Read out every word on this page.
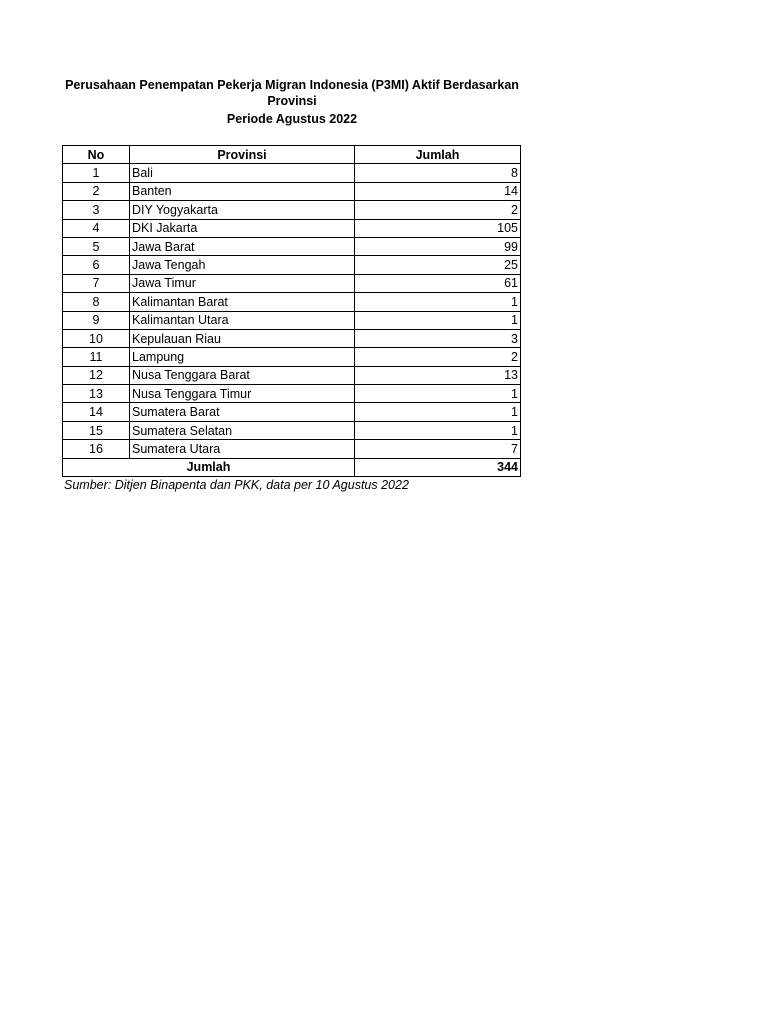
Perusahaan Penempatan Pekerja Migran Indonesia (P3MI) Aktif Berdasarkan
Provinsi
Periode Agustus 2022
No	Provinsi	Jumlah
1	Bali	8
2	Banten	14
3	DIY Yogyakarta	2
4	DKI Jakarta	105
5	Jawa Barat	99
6	Jawa Tengah	25
7	Jawa Timur	61
8	Kalimantan Barat	1
9	Kalimantan Utara	1
10	Kepulauan Riau	3
11	Lampung	2
12	Nusa Tenggara Barat	13
13	Nusa Tenggara Timur	1
14	Sumatera Barat	1
15	Sumatera Selatan	1
16	Sumatera Utara	7
Jumlah		344
Sumber: Ditjen Binapenta dan PKK, data per 10 Agustus 2022
